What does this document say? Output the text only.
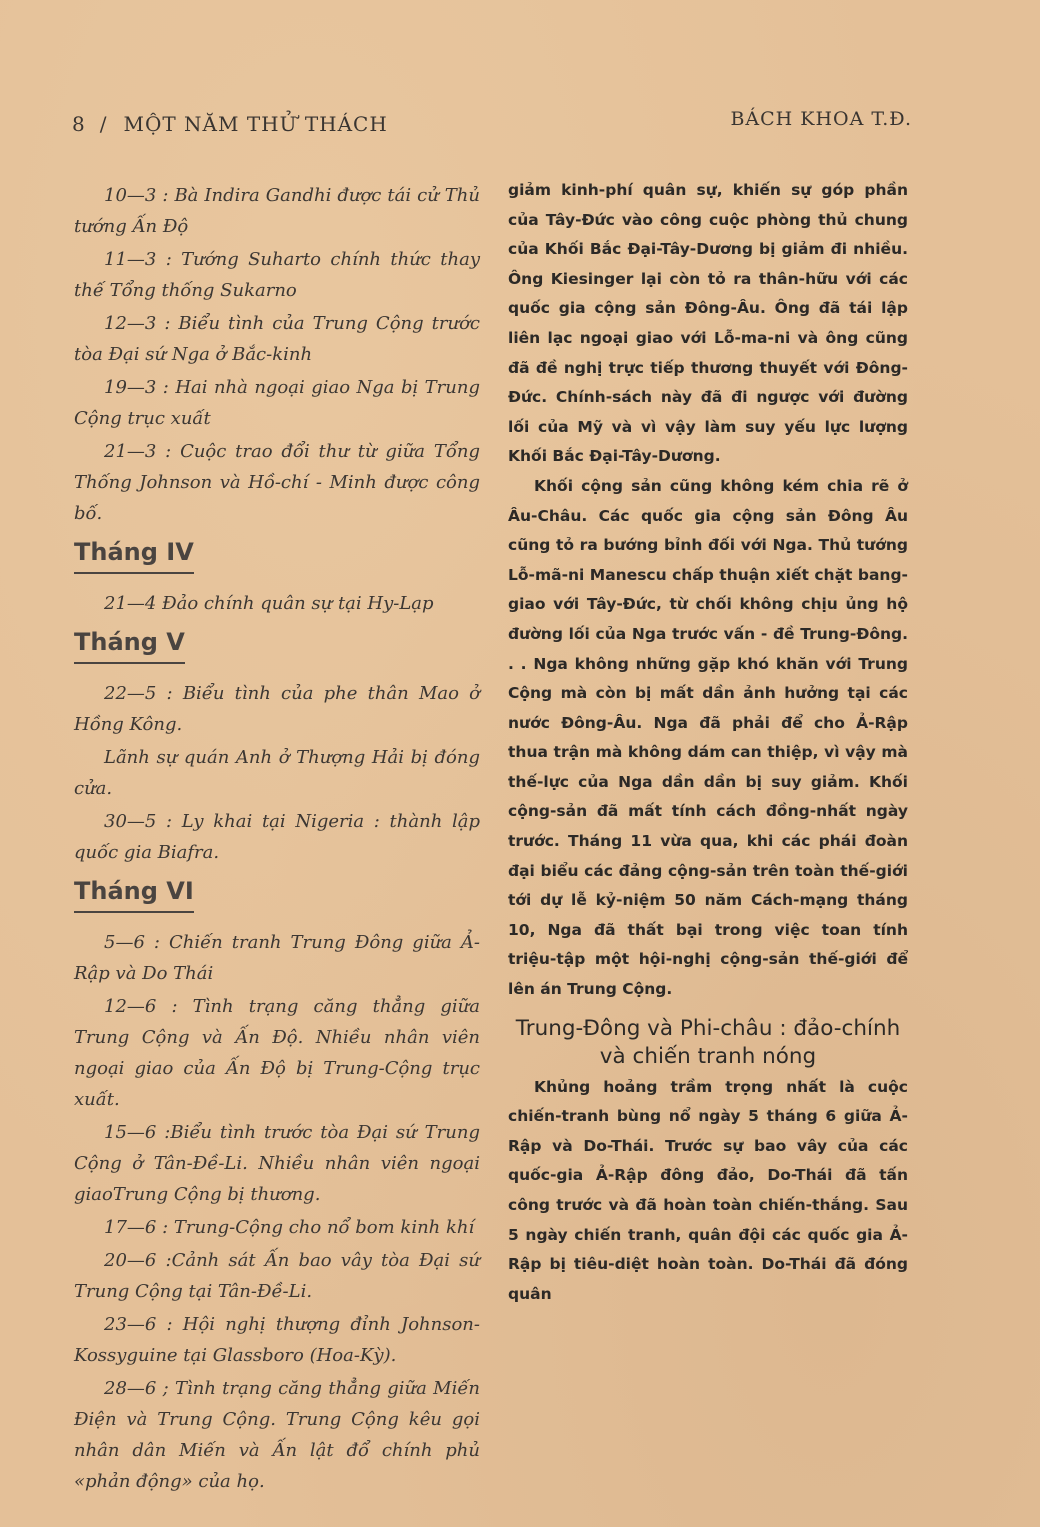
8 / MỘT NĂM THỬ THÁCH	BÁCH KHOA T.Đ.

10—3 : Bà Indira Gandhi được tái cử Thủ tướng Ấn Độ

11—3 : Tướng Suharto chính thức thay thế Tổng thống Sukarno

12—3 : Biểu tình của Trung Cộng trước tòa Đại sứ Nga ở Bắc-kinh

19—3 : Hai nhà ngoại giao Nga bị Trung Cộng trục xuất

21—3 : Cuộc trao đổi thư từ giữa Tổng Thống Johnson và Hồ-chí - Minh được công bố.

Tháng IV

21—4 Đảo chính quân sự tại Hy-Lạp

Tháng V

22—5 : Biểu tình của phe thân Mao ở Hồng Kông.

Lãnh sự quán Anh ở Thượng Hải bị đóng cửa.

30—5 : Ly khai tại Nigeria : thành lập quốc gia Biafra.

Tháng VI

5—6 : Chiến tranh Trung Đông giữa Ả-Rập và Do Thái

12—6 : Tình trạng căng thẳng giữa Trung Cộng và Ấn Độ. Nhiều nhân viên ngoại giao của Ấn Độ bị Trung-Cộng trục xuất.

15—6 :Biểu tình trước tòa Đại sứ Trung Cộng ở Tân-Đề-Li. Nhiều nhân viên ngoại giaoTrung Cộng bị thương.

17—6 : Trung-Cộng cho nổ bom kinh khí

20—6 :Cảnh sát Ấn bao vây tòa Đại sứ Trung Cộng tại Tân-Đề-Li.

23—6 : Hội nghị thượng đỉnh Johnson-Kossyguine tại Glassboro (Hoa-Kỳ).

28—6 ; Tình trạng căng thẳng giữa Miến Điện và Trung Cộng. Trung Cộng kêu gọi nhân dân Miến và Ấn lật đổ chính phủ «phản động» của họ.

giảm kinh-phí quân sự, khiến sự góp phần của Tây-Đức vào công cuộc phòng thủ chung của Khối Bắc Đại-Tây-Dương bị giảm đi nhiều. Ông Kiesinger lại còn tỏ ra thân-hữu với các quốc gia cộng sản Đông-Âu. Ông đã tái lập liên lạc ngoại giao với Lỗ-ma-ni và ông cũng đã đề nghị trực tiếp thương thuyết với Đông-Đức. Chính-sách này đã đi ngược với đường lối của Mỹ và vì vậy làm suy yếu lực lượng Khối Bắc Đại-Tây-Dương.

Khối cộng sản cũng không kém chia rẽ ở Âu-Châu. Các quốc gia cộng sản Đông Âu cũng tỏ ra bướng bỉnh đối với Nga. Thủ tướng Lỗ-mã-ni Manescu chấp thuận xiết chặt bang-giao với Tây-Đức, từ chối không chịu ủng hộ đường lối của Nga trước vấn - đề Trung-Đông. . . Nga không những gặp khó khăn với Trung Cộng mà còn bị mất dần ảnh hưởng tại các nước Đông-Âu. Nga đã phải để cho Ả-Rập thua trận mà không dám can thiệp, vì vậy mà thế-lực của Nga dần dần bị suy giảm. Khối cộng-sản đã mất tính cách đồng-nhất ngày trước. Tháng 11 vừa qua, khi các phái đoàn đại biểu các đảng cộng-sản trên toàn thế-giới tới dự lễ kỷ-niệm 50 năm Cách-mạng tháng 10, Nga đã thất bại trong việc toan tính triệu-tập một hội-nghị cộng-sản thế-giới để lên án Trung Cộng.

Trung-Đông và Phi-châu : đảo-chính và chiến tranh nóng

Khủng hoảng trầm trọng nhất là cuộc chiến-tranh bùng nổ ngày 5 tháng 6 giữa Ả-Rập và Do-Thái. Trước sự bao vây của các quốc-gia Ả-Rập đông đảo, Do-Thái đã tấn công trước và đã hoàn toàn chiến-thắng. Sau 5 ngày chiến tranh, quân đội các quốc gia Ả-Rập bị tiêu-diệt hoàn toàn. Do-Thái đã đóng quân
